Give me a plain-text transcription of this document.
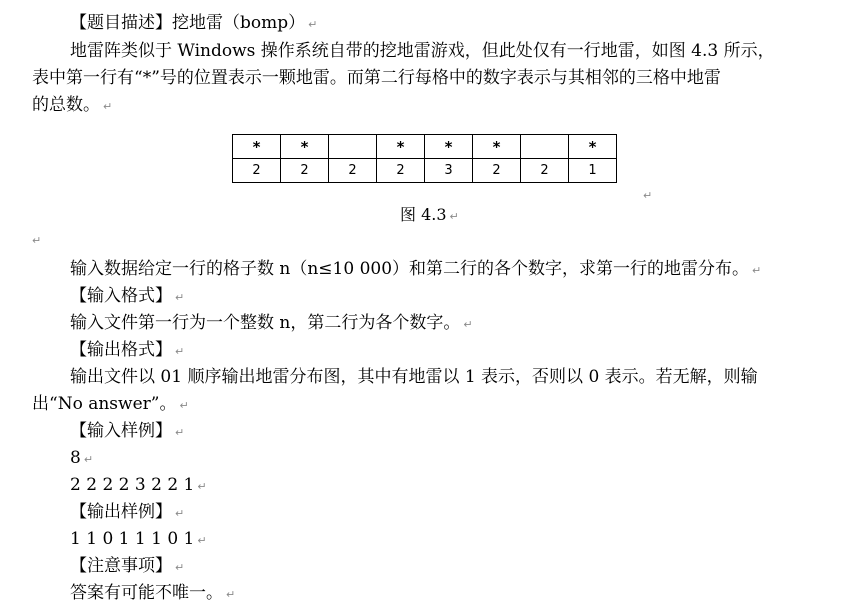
【题目描述】挖地雷（bomp） ↵
地雷阵类似于 Windows 操作系统自带的挖地雷游戏，但此处仅有一行地雷，如图 4.3 所示，
表中第一行有“*”号的位置表示一颗地雷。而第二行每格中的数字表示与其相邻的三格中地雷
的总数。 ↵
*	*		*	*	*		*
2	2	2	2	3	2	2	1
↵
图 4.3 ↵
↵
输入数据给定一行的格子数 n（n≤10 000）和第二行的各个数字，求第一行的地雷分布。 ↵
【输入格式】 ↵
输入文件第一行为一个整数 n，第二行为各个数字。 ↵
【输出格式】 ↵
输出文件以 01 顺序输出地雷分布图，其中有地雷以 1 表示，否则以 0 表示。若无解，则输
出“No answer”。 ↵
【输入样例】 ↵
8 ↵
2 2 2 2 3 2 2 1 ↵
【输出样例】 ↵
1 1 0 1 1 1 0 1 ↵
【注意事项】 ↵
答案有可能不唯一。 ↵
